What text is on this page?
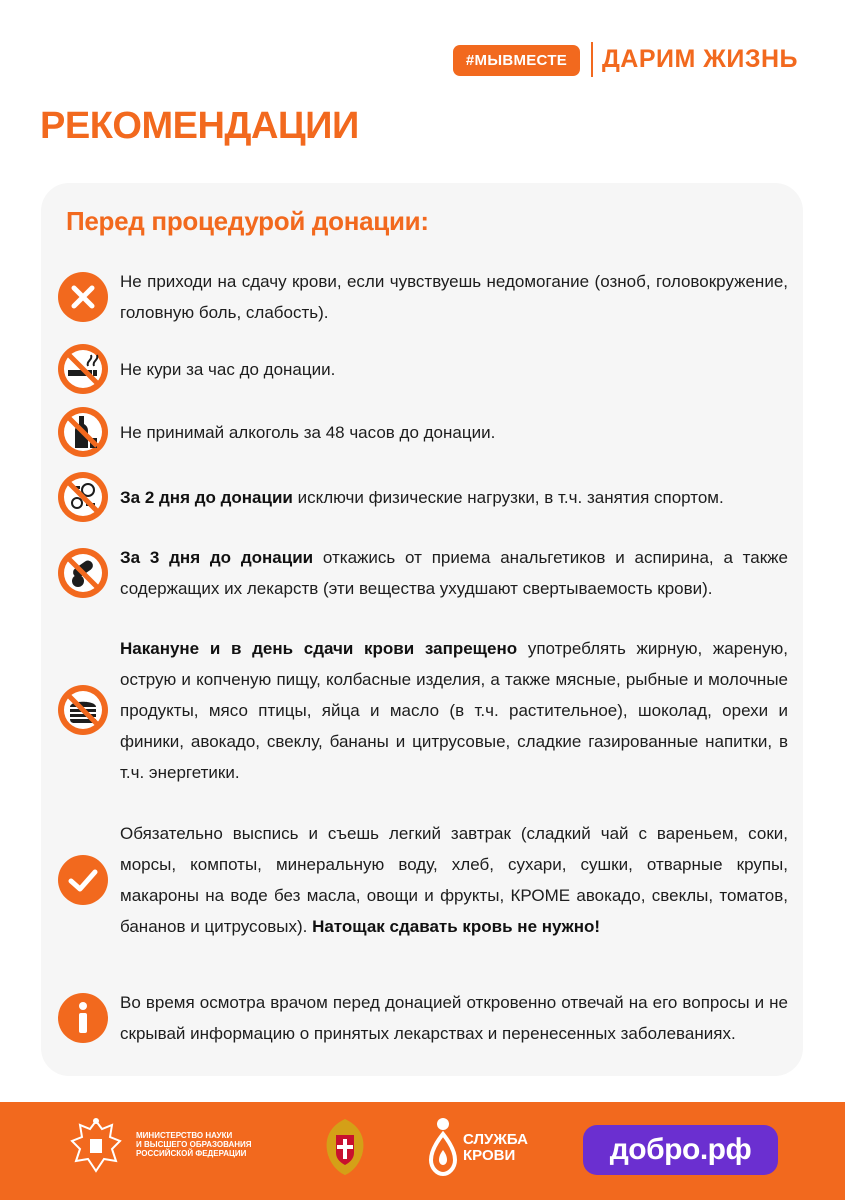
#МЫВМЕСТЕ	ДАРИМ ЖИЗНЬ
РЕКОМЕНДАЦИИ
Перед процедурой донации:
Не приходи на сдачу крови, если чувствуешь недомогание (озноб, головокружение, головную боль, слабость).
Не кури за час до донации.
Не принимай алкоголь за 48 часов до донации.
За 2 дня до донации исключи физические нагрузки, в т.ч. занятия спортом.
За 3 дня до донации откажись от приема анальгетиков и аспирина, а также содержащих их лекарств (эти вещества ухудшают свертываемость крови).
Накануне и в день сдачи крови запрещено употреблять жирную, жареную, острую и копченую пищу, колбасные изделия, а также мясные, рыбные и молочные продукты, мясо птицы, яйца и масло (в т.ч. растительное), шоколад, орехи и финики, авокадо, свеклу, бананы и цитрусовые, сладкие газированные напитки, в т.ч. энергетики.
Обязательно выспись и съешь легкий завтрак (сладкий чай с вареньем, соки, морсы, компоты, минеральную воду, хлеб, сухари, сушки, отварные крупы, макароны на воде без масла, овощи и фрукты, КРОМЕ авокадо, свеклы, томатов, бананов и цитрусовых). Натощак сдавать кровь не нужно!
Во время осмотра врачом перед донацией откровенно отвечай на его вопросы и не скрывай информацию о принятых лекарствах и перенесенных заболеваниях.
МИНИСТЕРСТВО НАУКИ
И ВЫСШЕГО ОБРАЗОВАНИЯ
РОССИЙСКОЙ ФЕДЕРАЦИИ
СЛУЖБА
КРОВИ	добро.рф
